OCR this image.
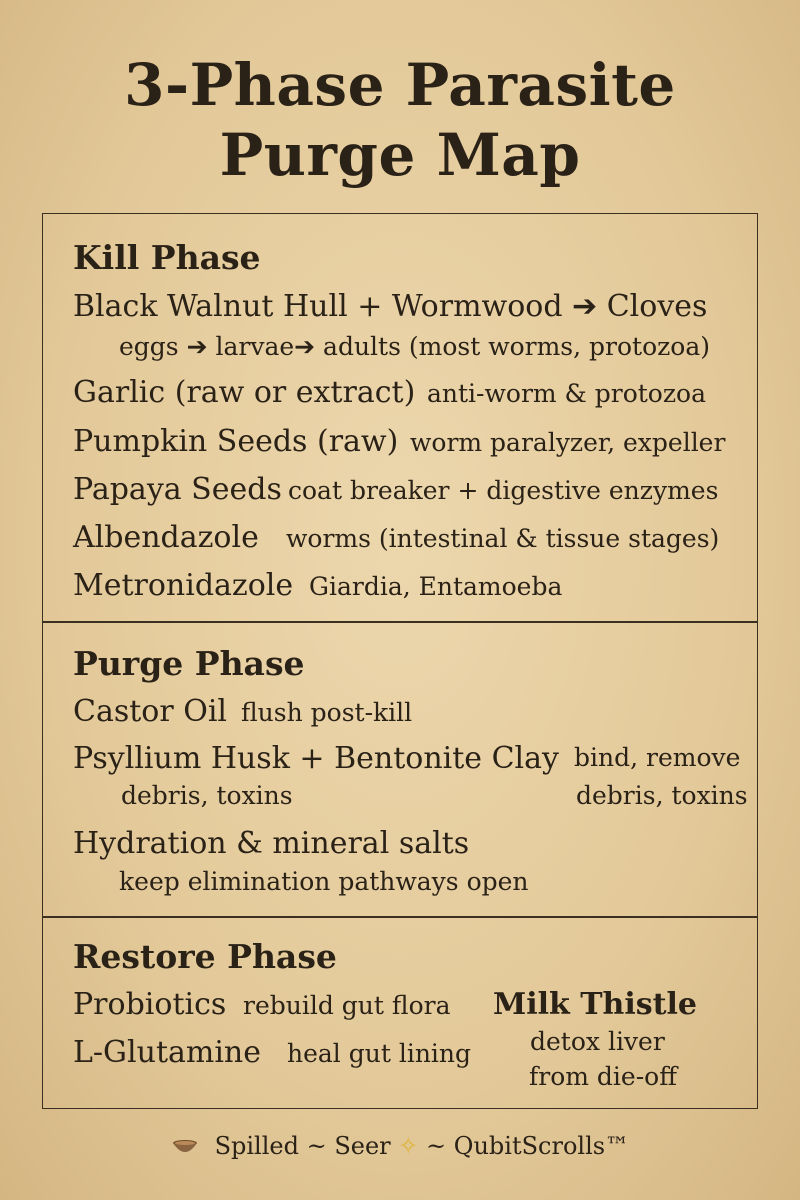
3-Phase Parasite
Purge Map
Kill Phase
Black Walnut Hull + Wormwood ➔ Cloves
eggs ➔ larvae➔ adults (most worms, protozoa)
Garlic (raw or extract) anti-worm & protozoa
Pumpkin Seeds (raw) worm paralyzer, expeller
Papaya Seeds coat breaker + digestive enzymes
Albendazole worms (intestinal & tissue stages)
Metronidazole Giardia, Entamoeba
Purge Phase
Castor Oil flush post-kill
Psyllium Husk + Bentonite Clay
debris, toxins
bind, remove
debris, toxins
Hydration & mineral salts
keep elimination pathways open
Restore Phase
Probiotics rebuild gut flora
L-Glutamine heal gut lining
Milk Thistle
detox liver
from die-off
Spilled ~ Seer ✧ ~ QubitScrolls™
